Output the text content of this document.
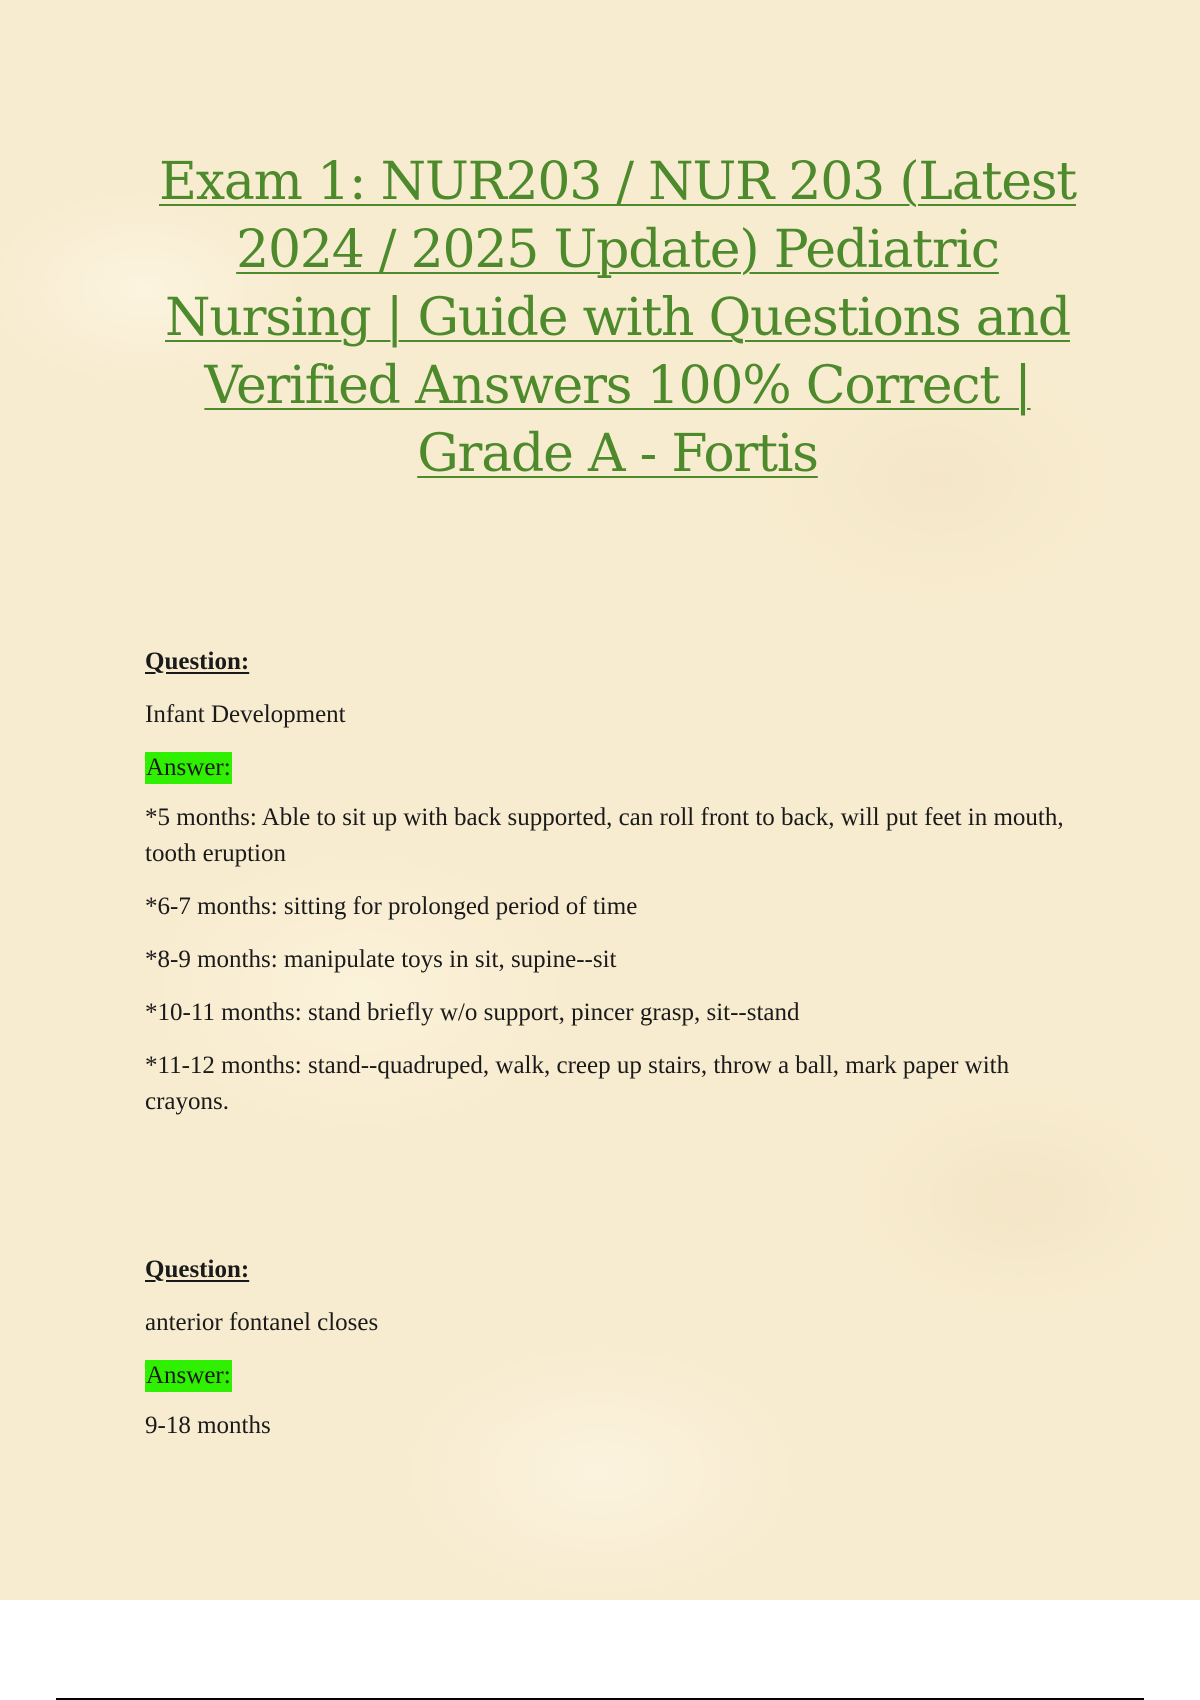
Exam 1: NUR203 / NUR 203 (Latest 2024 / 2025 Update) Pediatric Nursing | Guide with Questions and Verified Answers 100% Correct | Grade A - Fortis
Question:
Infant Development
Answer:
*5 months: Able to sit up with back supported, can roll front to back, will put feet in mouth, tooth eruption
*6-7 months: sitting for prolonged period of time
*8-9 months: manipulate toys in sit, supine--sit
*10-11 months: stand briefly w/o support, pincer grasp, sit--stand
*11-12 months: stand--quadruped, walk, creep up stairs, throw a ball, mark paper with crayons.
Question:
anterior fontanel closes
Answer:
9-18 months
